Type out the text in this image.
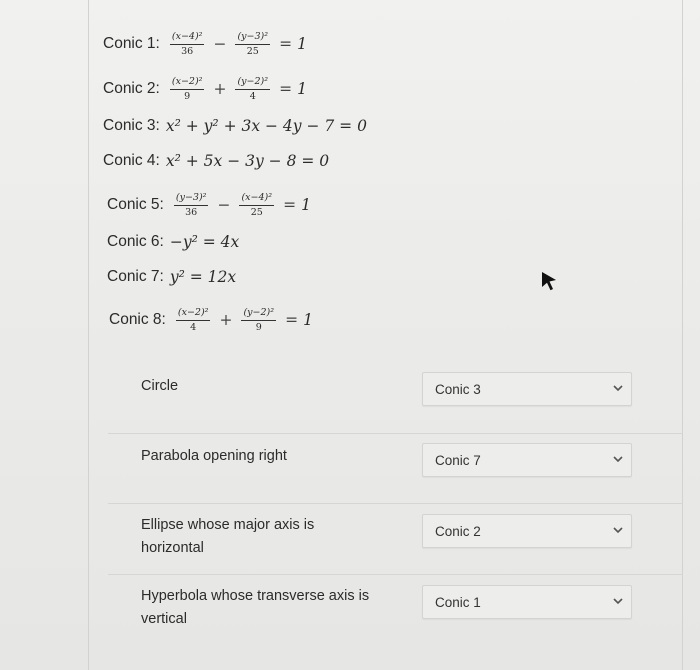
Conic 1: $\frac{\text{(x−4)²}}{36} - \frac{\text{(y−3)²}}{25} = 1$
Conic 2: $\frac{\text{(x−2)²}}{9} + \frac{\text{(y−2)²}}{4} = 1$
Conic 3: x² + y² + 3x − 4y − 7 = 0
Conic 4: x² + 5x − 3y − 8 = 0
Conic 5: $\frac{\text{(y−3)²}}{36} - \frac{\text{(x−4)²}}{25} = 1$
Conic 6: −y² = 4x
Conic 7: y² = 12x
Conic 8: $\frac{\text{(x−2)²}}{4} + \frac{\text{(y−2)²}}{9} = 1$
Circle	Conic 3
Parabola opening right	Conic 7
Ellipse whose major axis is horizontal
Conic 2
Hyperbola whose transverse axis is vertical
Conic 1
